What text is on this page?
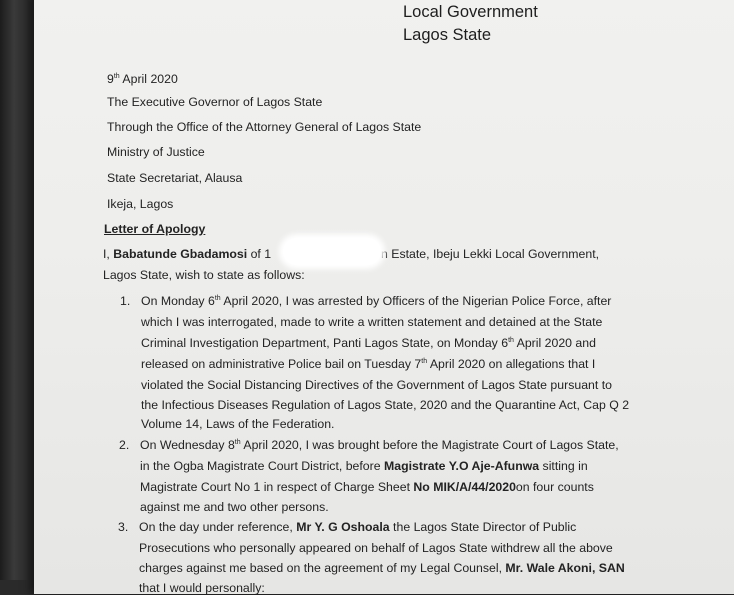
Local Government
Lagos State
9th April 2020
The Executive Governor of Lagos State
Through the Office of the Attorney General of Lagos State
Ministry of Justice
State Secretariat, Alausa
Ikeja, Lagos
Letter of Apology
I, Babatunde Gbadamosi of 1	n Estate, Ibeju Lekki Local Government,
Lagos State, wish to state as follows:
1. On Monday 6th April 2020, I was arrested by Officers of the Nigerian Police Force, after
which I was interrogated, made to write a written statement and detained at the State
Criminal Investigation Department, Panti Lagos State, on Monday 6th April 2020 and
released on administrative Police bail on Tuesday 7th April 2020 on allegations that I
violated the Social Distancing Directives of the Government of Lagos State pursuant to
the Infectious Diseases Regulation of Lagos State, 2020 and the Quarantine Act, Cap Q 2
Volume 14, Laws of the Federation.
2. On Wednesday 8th April 2020, I was brought before the Magistrate Court of Lagos State,
in the Ogba Magistrate Court District, before Magistrate Y.O Aje-Afunwa sitting in
Magistrate Court No 1 in respect of Charge Sheet No MIK/A/44/2020on four counts
against me and two other persons.
3. On the day under reference, Mr Y. G Oshoala the Lagos State Director of Public
Prosecutions who personally appeared on behalf of Lagos State withdrew all the above
charges against me based on the agreement of my Legal Counsel, Mr. Wale Akoni, SAN
that I would personally:
